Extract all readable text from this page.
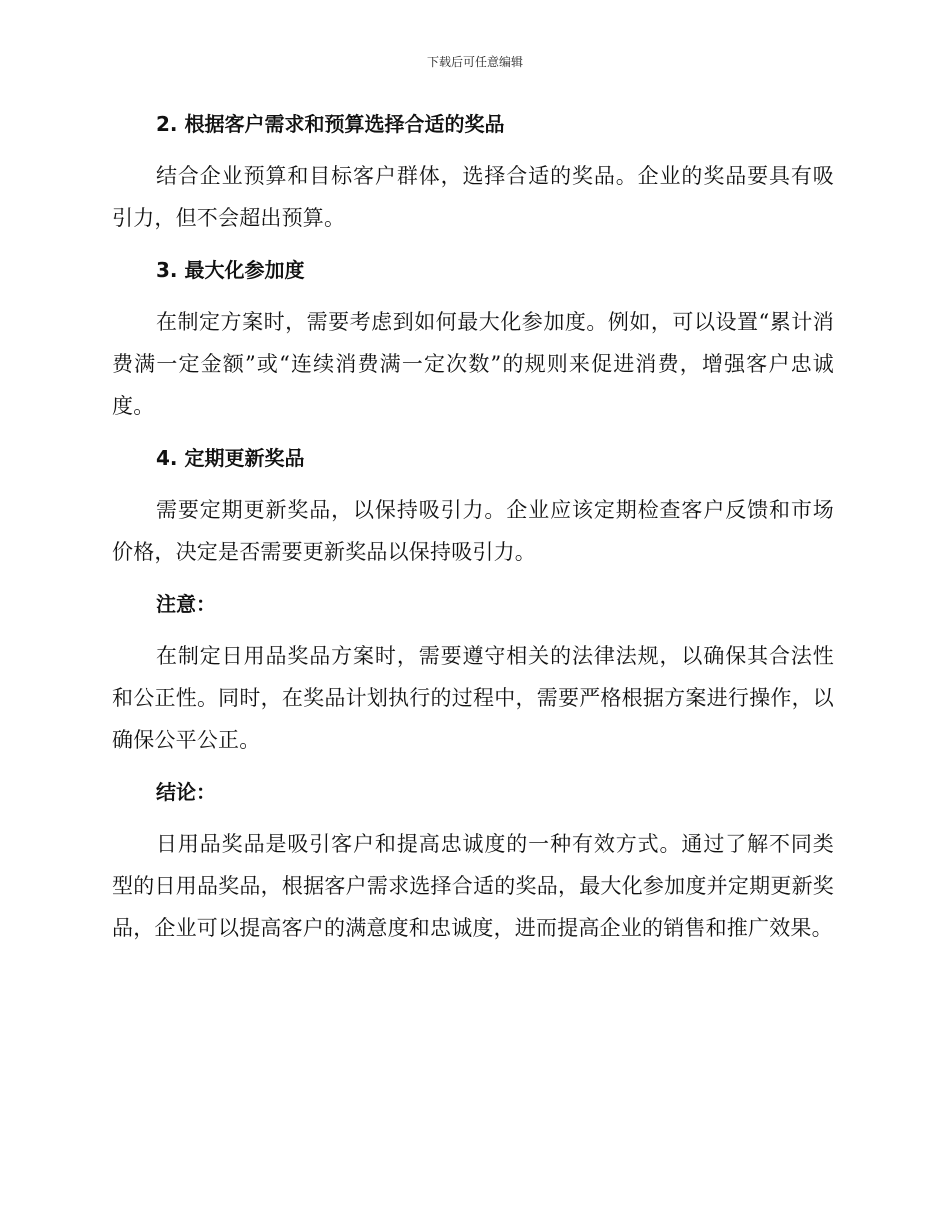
下载后可任意编辑
2. 根据客户需求和预算选择合适的奖品

结合企业预算和目标客户群体，选择合适的奖品。企业的奖品要具有吸引力，但不会超出预算。

3. 最大化参加度

在制定方案时，需要考虑到如何最大化参加度。例如，可以设置“累计消费满一定金额”或“连续消费满一定次数”的规则来促进消费，增强客户忠诚度。

4. 定期更新奖品

需要定期更新奖品，以保持吸引力。企业应该定期检查客户反馈和市场价格，决定是否需要更新奖品以保持吸引力。

注意：

在制定日用品奖品方案时，需要遵守相关的法律法规，以确保其合法性和公正性。同时，在奖品计划执行的过程中，需要严格根据方案进行操作，以确保公平公正。

结论：

日用品奖品是吸引客户和提高忠诚度的一种有效方式。通过了解不同类型的日用品奖品，根据客户需求选择合适的奖品，最大化参加度并定期更新奖品，企业可以提高客户的满意度和忠诚度，进而提高企业的销售和推广效果。
